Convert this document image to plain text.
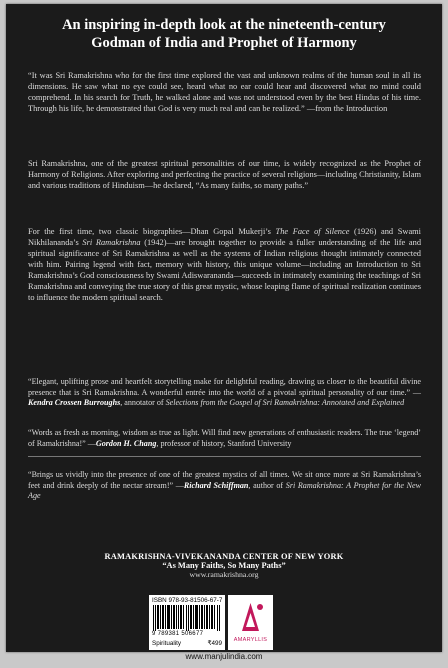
An inspiring in-depth look at the nineteenth-century
Godman of India and Prophet of Harmony

“It was Sri Ramakrishna who for the first time explored the vast and unknown realms of the human soul in all its dimensions. He saw what no eye could see, heard what no ear could hear and discovered what no mind could comprehend. In his search for Truth, he walked alone and was not understood even by the best Hindus of his time. Through his life, he demonstrated that God is very much real and can be realized.” —from the Introduction

Sri Ramakrishna, one of the greatest spiritual personalities of our time, is widely recognized as the Prophet of Harmony of Religions. After exploring and perfecting the practice of several religions—including Christianity, Islam and various traditions of Hinduism—he declared, “As many faiths, so many paths.”

For the first time, two classic biographies—Dhan Gopal Mukerji’s The Face of Silence (1926) and Swami Nikhilananda’s Sri Ramakrishna (1942)—are brought together to provide a fuller understanding of the life and spiritual significance of Sri Ramakrishna as well as the systems of Indian religious thought intimately connected with him. Pairing legend with fact, memory with history, this unique volume—including an Introduction to Sri Ramakrishna’s God consciousness by Swami Adiswarananda—succeeds in intimately examining the teachings of Sri Ramakrishna and conveying the true story of this great mystic, whose leaping flame of spiritual realization continues to influence the modern spiritual search.

“Elegant, uplifting prose and heartfelt storytelling make for delightful reading, drawing us closer to the beautiful divine presence that is Sri Ramakrishna. A wonderful entrée into the world of a pivotal spiritual personality of our time.” —Kendra Crossen Burroughs, annotator of Selections from the Gospel of Sri Ramakrishna: Annotated and Explained

“Words as fresh as morning, wisdom as true as light. Will find new generations of enthusiastic readers. The true ‘legend’ of Ramakrishna!” —Gordon H. Chang, professor of history, Stanford University

“Brings us vividly into the presence of one of the greatest mystics of all times. We sit once more at Sri Ramakrishna’s feet and drink deeply of the nectar stream!” —Richard Schiffman, author of Sri Ramakrishna: A Prophet for the New Age

RAMAKRISHNA-VIVEKANANDA CENTER OF NEW YORK
“As Many Faiths, So Many Paths”
www.ramakrishna.org
ISBN 978-93-81506-67-7
9 789381 506677
Spirituality	₹499	AMARYLLIS
www.manjulindia.com
